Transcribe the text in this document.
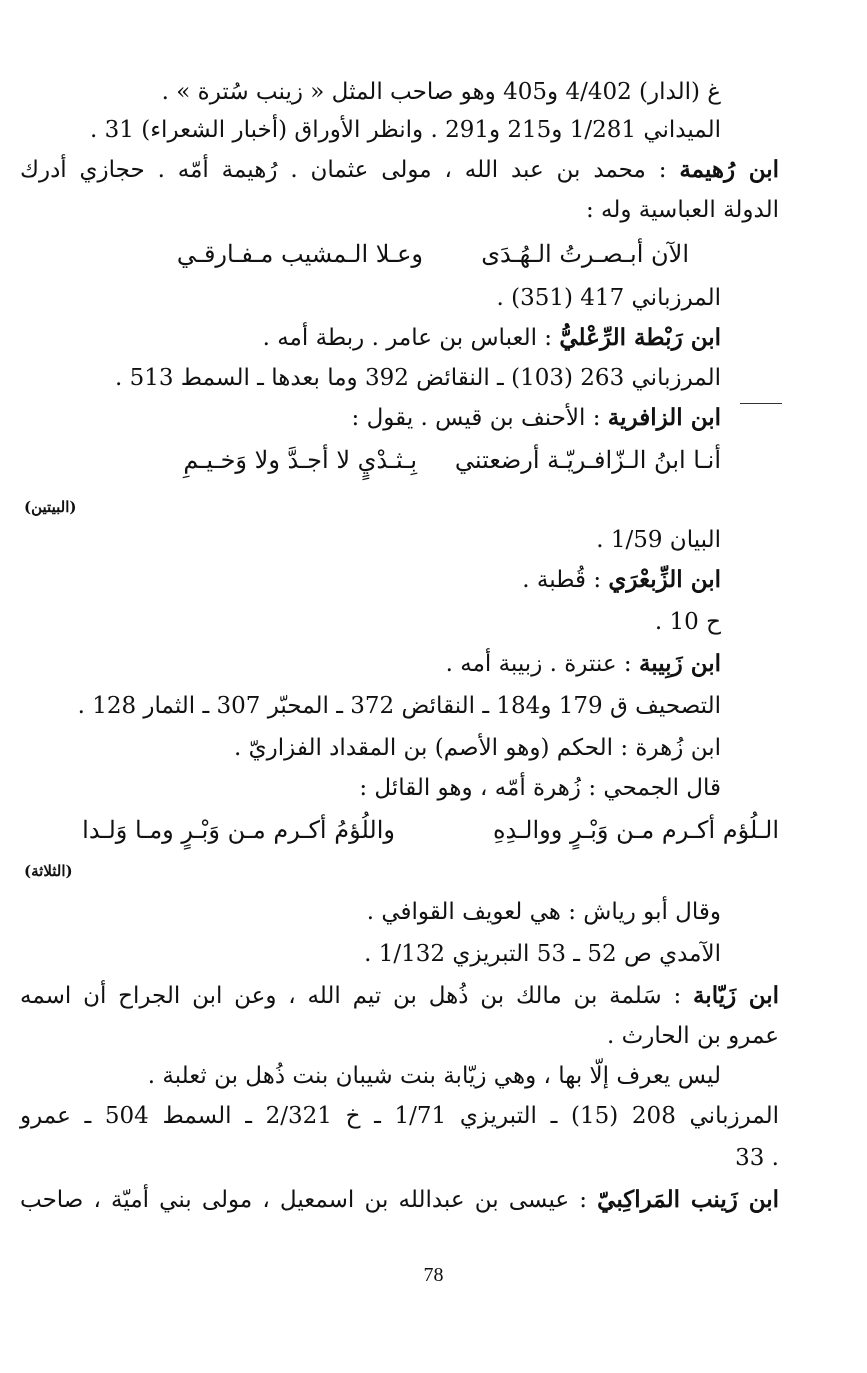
غ (الدار) 4/402 و405 وهو صاحب المثل « زينب سُترة » .
الميداني 1/281 و215 و291 . وانظر الأوراق (أخبار الشعراء) 31 .
ابن رُهيمة : محمد بن عبد الله ، مولى عثمان . رُهيمة أمّه . حجازي أدرك
الدولة العباسية وله :
الآن أبـصـرتُ الـهُـدَى
وعـلا الـمشيب مـفـارقـي
المرزباني 417 (351) .
ابن رَبْطة الرِّعْليُّ : العباس بن عامر . ربطة أمه .
المرزباني 263 (103) ـ النقائض 392 وما بعدها ـ السمط 513 .
ابن الزافرية : الأحنف بن قيس . يقول :
أنـا ابنُ الـزّافـريّـة أرضعتني
بِـثـدْيٍ لا أجـدَّ ولا وَخـيـمِ
(البيتين)
البيان 1/59 .
ابن الزِّبعْرَي : قُطبة .
ح 10 .
ابن زَبِيبة : عنترة . زبيبة أمه .
التصحيف ق 179 و184 ـ النقائض 372 ـ المحبّر 307 ـ الثمار 128 .
ابن زُهرة : الحكم (وهو الأصم) بن المقداد الفزاريّ .
قال الجمحي : زُهرة أمّه ، وهو القائل :
الـلُؤم أكـرم مـن وَبْـرٍ ووالـدِهِ
واللُؤمُ أكـرم مـن وَبْـرٍ ومـا وَلـدا
(الثلاثة)
وقال أبو رياش : هي لعويف القوافي .
الآمدي ص 52 ـ 53 التبريزي 1/132 .
ابن زَيّابة : سَلمة بن مالك بن ذُهل بن تيم الله ، وعن ابن الجراح أن اسمه
عمرو بن الحارث .
ليس يعرف إلّا بها ، وهي زيّابة بنت شيبان بنت ذُهل بن ثعلبة .
المرزباني 208 (15) ـ التبريزي 1/71 ـ خ 2/321 ـ السمط 504 ـ عمرو
33 .
ابن زَينب المَراكِبيّ : عيسى بن عبدالله بن اسمعيل ، مولى بني أميّة ، صاحب
78
